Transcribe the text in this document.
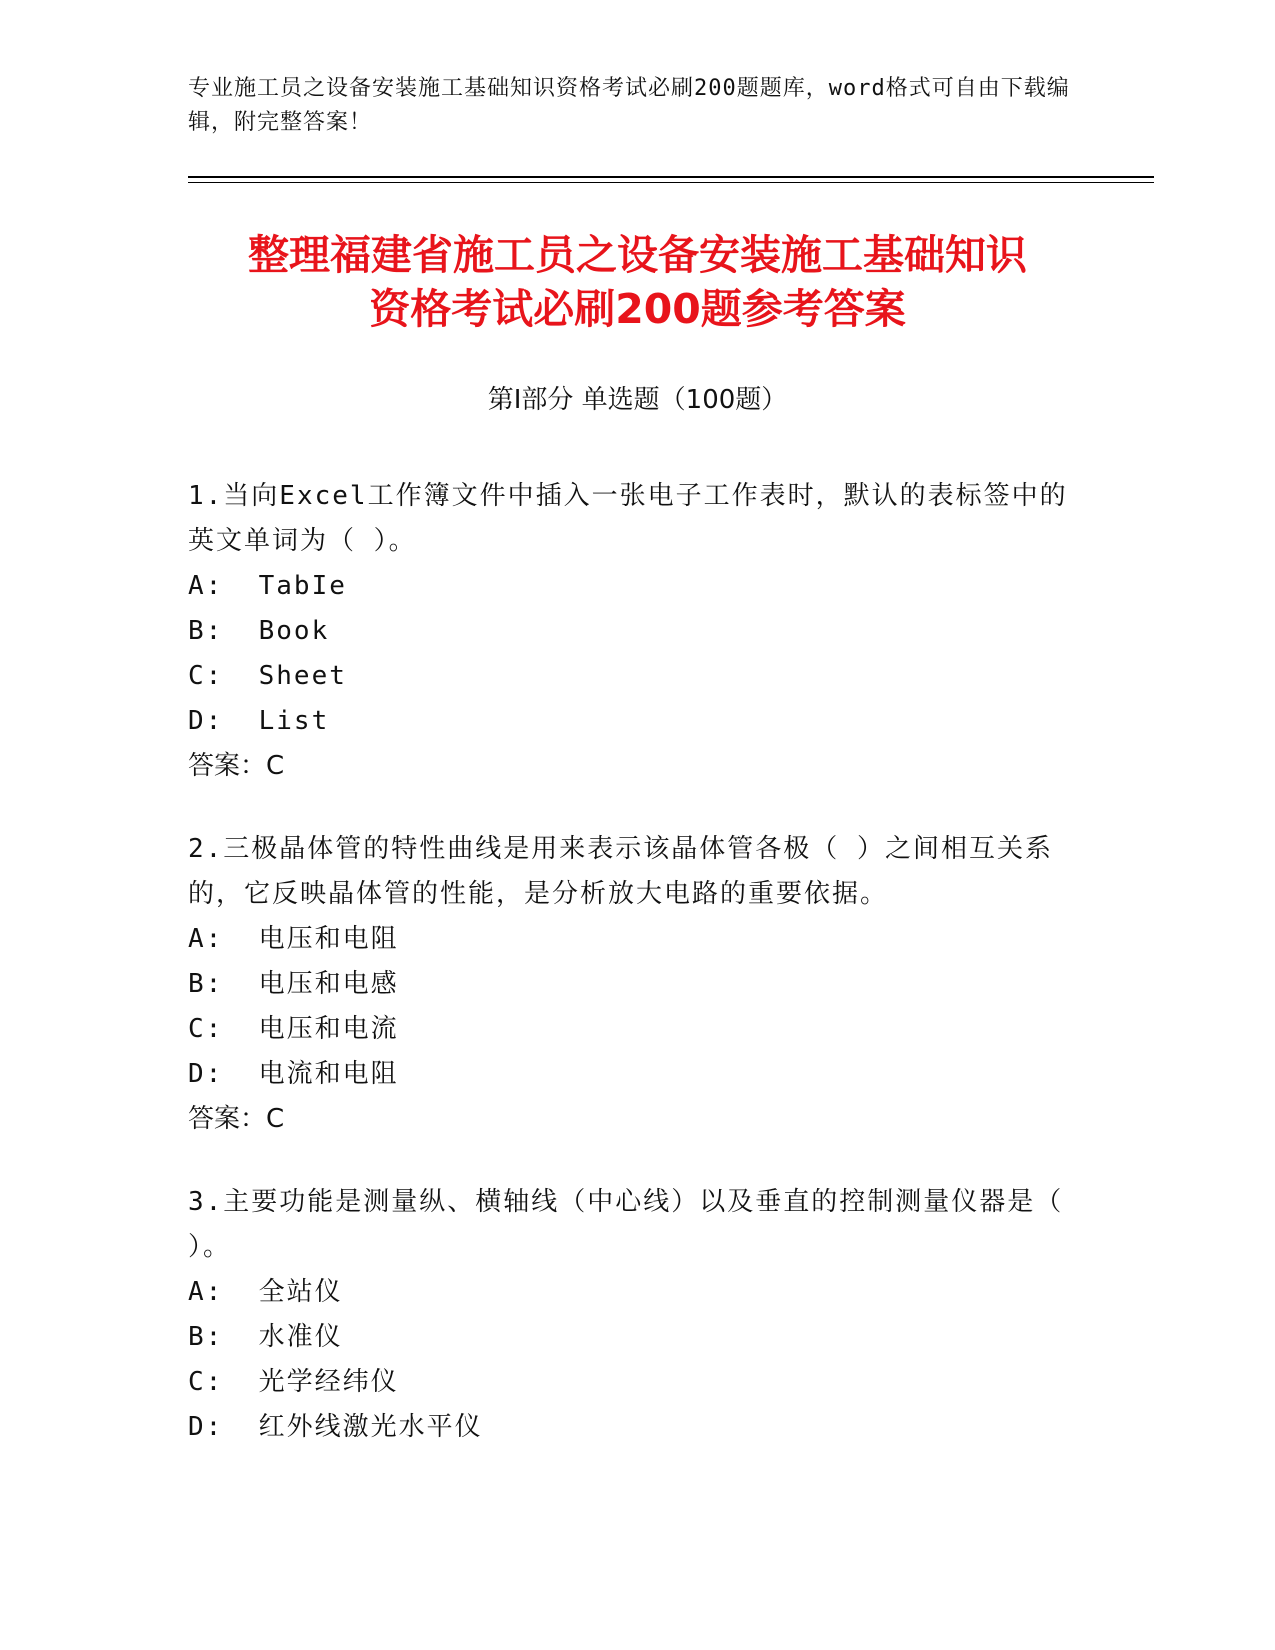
专业施工员之设备安装施工基础知识资格考试必刷200题题库，word格式可自由下载编辑，附完整答案！
整理福建省施工员之设备安装施工基础知识
资格考试必刷200题参考答案
第Ⅰ部分 单选题（100题）
1.当向Excel工作簿文件中插入一张电子工作表时，默认的表标签中的英文单词为（ ）。
A:  TabIe
B:  Book
C:  Sheet
D:  List
答案：C
2.三极晶体管的特性曲线是用来表示该晶体管各极（ ）之间相互关系的，它反映晶体管的性能，是分析放大电路的重要依据。
A:  电压和电阻
B:  电压和电感
C:  电压和电流
D:  电流和电阻
答案：C
3.主要功能是测量纵、横轴线（中心线）以及垂直的控制测量仪器是（ ）。
A:  全站仪
B:  水准仪
C:  光学经纬仪
D:  红外线激光水平仪
